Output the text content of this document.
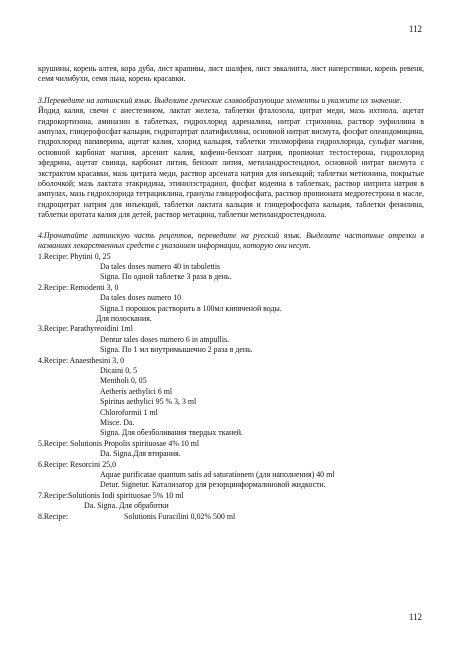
112

крушины, корень алтея, кора дуба, лист крапивы, лист шалфея, лист эвкалипта, лист наперстянки, корень ревеня, семя чилибухи, семя льна, корень красавки.

3.Переведите на латинский язык. Выделите греческие словообразующие элементы и укажите их значение.

Йодид калия, свечи с анестезином, лактат железа, таблетки фталозола, цитрат меди, мазь ихтиола, ацетат гидрокортизона, аминазин в таблетках, гидрохлорид адреналина, нитрат стрихнина, раствор эуфиллина в ампулах, глицерофосфат кальция, гидротартрат платифиллина, основной нитрат висмута, фосфат олеандомицина, гидрохлорид папаверина, ацетат калия, хлорид кальция, таблетки этилморфина гидрохлорида, сульфат магния, основной карбонат магния, арсенит калия, кофеин-бензоат натрия, пропионат тестостерона, гидрохлорид эфедрина, ацетат свинца, карбонат лития, бензоат лития, метиландростендиол, основной нитрат висмута с экстрактом красавки, мазь цитрата меди, раствор арсената натрия для инъекций; таблетки метионина, покрытые оболочкой; мазь лактата этакридина, этинилэстрадиол, фосфат кодеина в таблетках, раствор нитрита натрия в ампулах, мазь гидрохлорида тетрациклина, гранулы глицерофосфата, раствор пропионата медротестрона в масле, гидроцитрат натрия для инъекций, таблетки лактата кальция и глицерофосфата кальция, таблетки фенилина, таблетки оротата калия для детей, раствор метацина, таблетки метиландростендиола.

4.Прочитайте латинскую часть рецептов, переведите на русский язык. Выделите частотные отрезки в названиях лекарственных средств с указанием информации, которую они несут.

1.Recipe: Phytini 0, 25
Da tales doses numero 40 in tabulettis
Signa. По одной таблетке 3 раза в день.
2.Recipe: Remodenti 3, 0
Da tales doses numero 10
Signa.1 порошок растворить в 100мл кипяченой воды.
Для полоскания.
3.Recipe: Parathyreoidini 1ml
Dentur tales doses numero 6 in ampullis.
Signa. По 1 мл внутримышечно 2 раза в день.
4.Recipe: Anaesthesini 3, 0
Dicaini 0, 5
Mentholi 0, 05
Aetheris aethylici 6 ml
Spiritus aethylici 95 % 3, 3 ml
Chloroformii 1 ml
Misce. Da.
Signa. Для обезболивания твердых тканей.
5.Recipe: Solutionis Propolis spirituosae 4% 10 ml
Da. Signa.Для втирания.
6.Recipe: Resorcini 25,0
Aquae purificatae quantum satis ad saturationem (для наполнения) 40 ml
Detur. Signetur. Катализатор для резорцинформалиновой жидкости.
7.Recipe:Solutionis Iodi spirituosae 5% 10 ml
Da. Signa. Для обработки
8.Recipe:	Solutionis Furacilini 0,02% 500 ml
112
